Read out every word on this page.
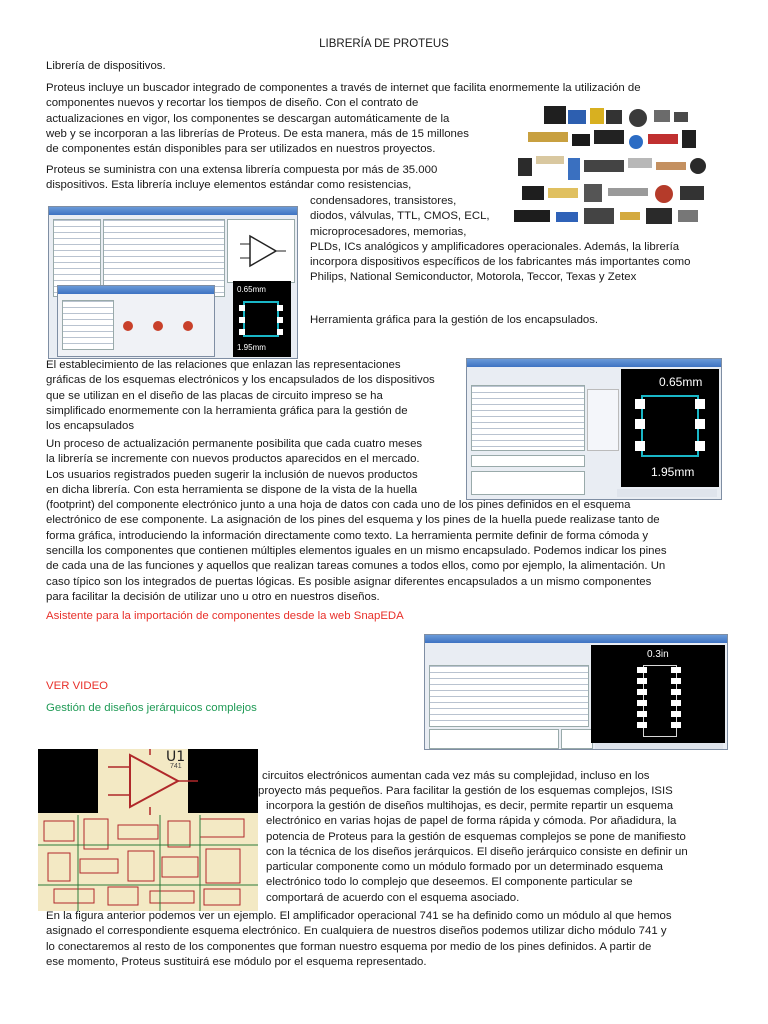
LIBRERÍA DE PROTEUS

Librería de dispositivos.

Proteus incluye un buscador integrado de componentes a través de internet que facilita enormemente la utilización de

componentes nuevos y recortar los tiempos de diseño. Con el contrato de

actualizaciones en vigor, los componentes se descargan automáticamente de la

web y se incorporan a las librerías de Proteus. De esta manera, más de 15 millones

de componentes están disponibles para ser utilizados en nuestros proyectos.

Proteus se suministra con una extensa librería compuesta por más de 35.000

dispositivos. Esta librería incluye elementos estándar como resistencias,

condensadores, transistores,

diodos, válvulas, TTL, CMOS, ECL,

microprocesadores, memorias,

PLDs, ICs analógicos y amplificadores operacionales. Además, la librería

incorpora dispositivos específicos de los fabricantes más importantes como

Philips, National Semiconductor, Motorola, Teccor, Texas y Zetex

0.65mm
1.95mm

Herramienta gráfica para la gestión de los encapsulados.

El establecimiento de las relaciones que enlazan las representaciones

gráficas de los esquemas electrónicos y los encapsulados de los dispositivos

que se utilizan en el diseño de las placas de circuito impreso se ha

simplificado enormemente con la herramienta gráfica para la gestión de

los encapsulados

0.65mm
1.95mm

Un proceso de actualización permanente posibilita que cada cuatro meses

la librería se incremente con nuevos productos aparecidos en el mercado.

Los usuarios registrados pueden sugerir la inclusión de nuevos productos

en dicha librería. Con esta herramienta se dispone de la vista de la huella

(footprint) del componente electrónico junto a una hoja de datos con cada uno de los pines definidos en el esquema

electrónico de ese componente. La asignación de los pines del esquema y los pines de la huella puede realizase tanto de

forma gráfica, introduciendo la información directamente como texto. La herramienta permite definir de forma cómoda y

sencilla los componentes que contienen múltiples elementos iguales en un mismo encapsulado. Podemos indicar los pines

de cada una de las funciones y aquellos que realizan tareas comunes a todos ellos, como por ejemplo, la alimentación. Un

caso típico son los integrados de puertas lógicas. Es posible asignar diferentes encapsulados a un mismo componentes

para facilitar la decisión de utilizar uno u otro en nuestros diseños.

Asistente para la importación de componentes desde la web SnapEDA
0.3in
VER VIDEO

Gestión de diseños jerárquicos complejos

U1
741

circuitos electrónicos aumentan cada vez más su complejidad, incluso en los

proyecto más pequeños. Para facilitar la gestión de los esquemas complejos, ISIS

incorpora la gestión de diseños multihojas, es decir, permite repartir un esquema

electrónico en varias hojas de papel de forma rápida y cómoda. Por añadidura, la

potencia de Proteus para la gestión de esquemas complejos se pone de manifiesto

con la técnica de los diseños jerárquicos. El diseño jerárquico consiste en definir un

particular componente como un módulo formado por un determinado esquema

electrónico todo lo complejo que deseemos. El componente particular se

comportará de acuerdo con el esquema asociado.

En la figura anterior podemos ver un ejemplo. El amplificador operacional 741 se ha definido como un módulo al que hemos

asignado el correspondiente esquema electrónico. En cualquiera de nuestros diseños podemos utilizar dicho módulo 741 y

lo conectaremos al resto de los componentes que forman nuestro esquema por medio de los pines definidos. A partir de

ese momento, Proteus sustituirá ese módulo por el esquema representado.
